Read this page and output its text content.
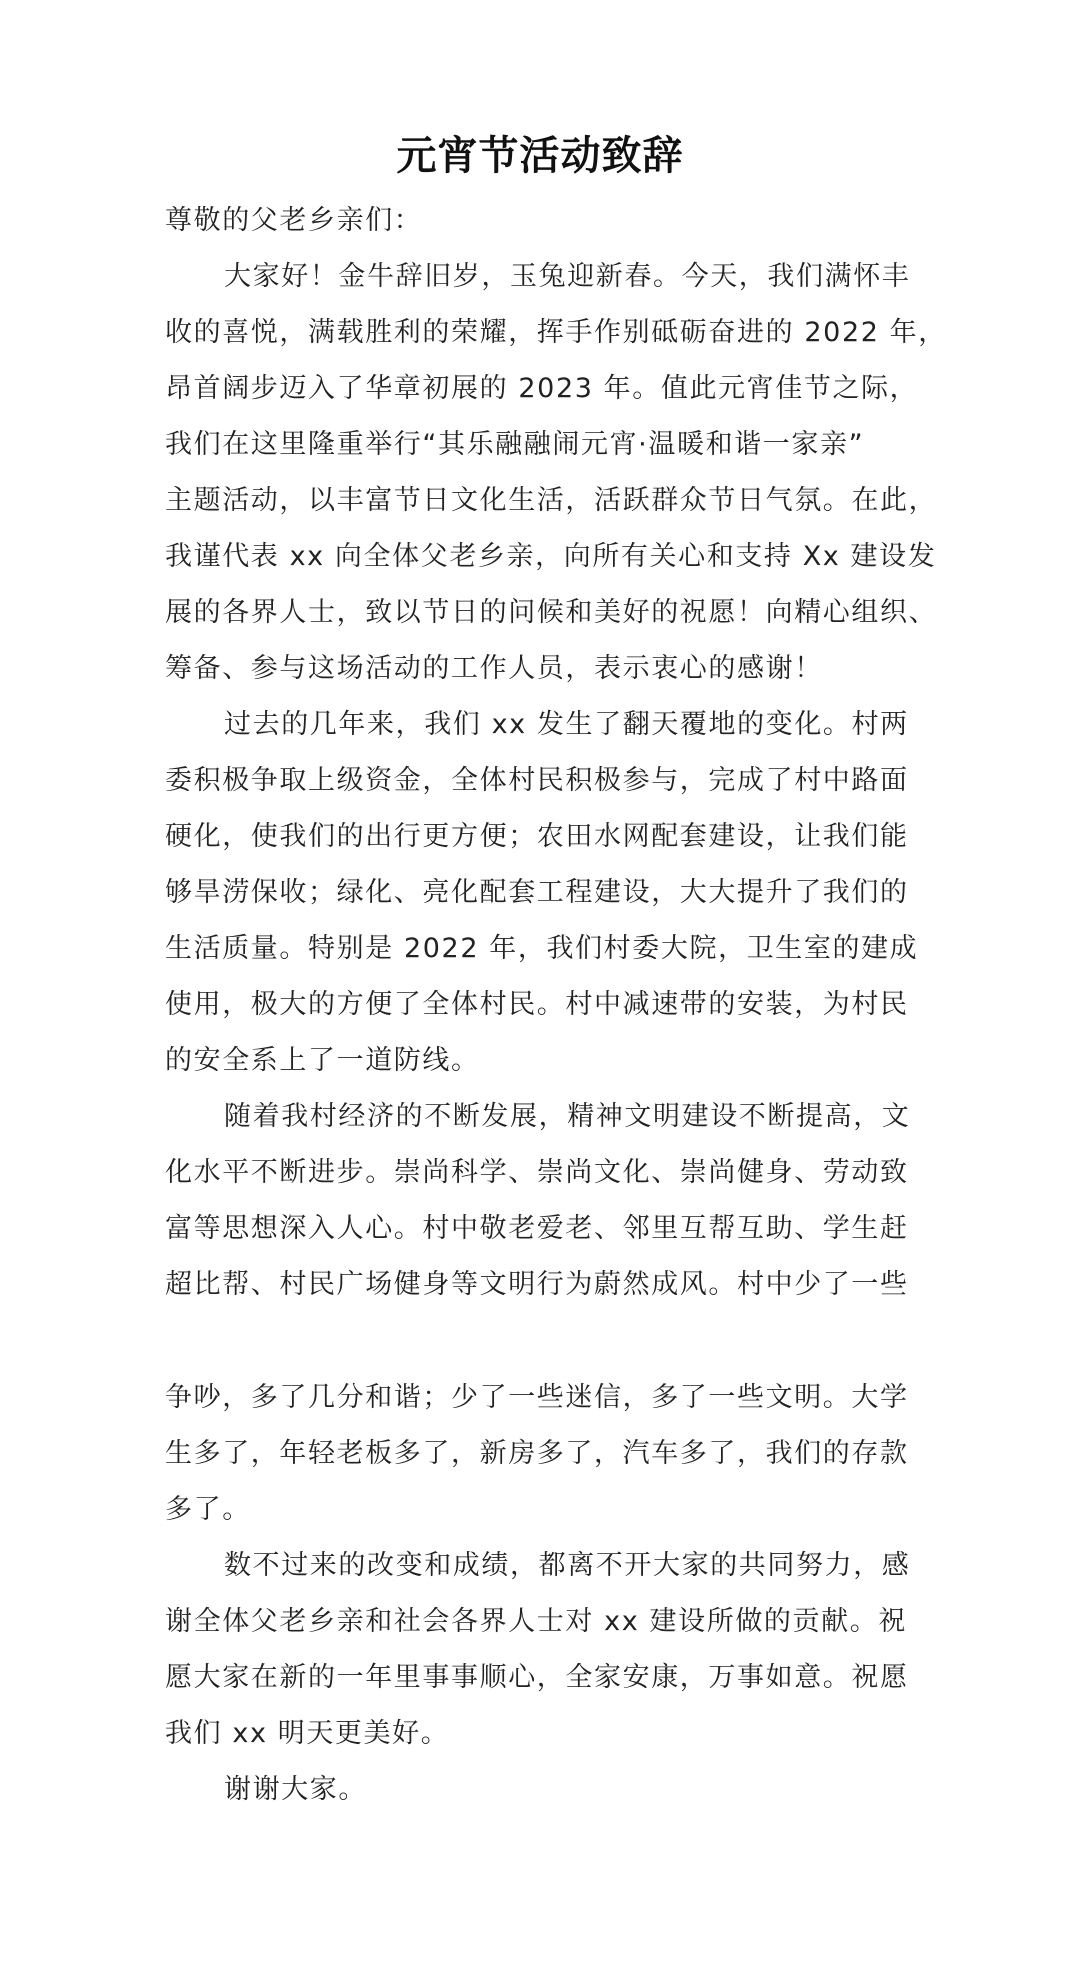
元宵节活动致辞
尊敬的父老乡亲们：
大家好！金牛辞旧岁，玉兔迎新春。今天，我们满怀丰
收的喜悦，满载胜利的荣耀，挥手作别砥砺奋进的 2022 年，
昂首阔步迈入了华章初展的 2023 年。值此元宵佳节之际，
我们在这里隆重举行“其乐融融闹元宵·温暖和谐一家亲”
主题活动，以丰富节日文化生活，活跃群众节日气氛。在此，
我谨代表 xx 向全体父老乡亲，向所有关心和支持 Xx 建设发
展的各界人士，致以节日的问候和美好的祝愿！向精心组织、
筹备、参与这场活动的工作人员，表示衷心的感谢！
过去的几年来，我们 xx 发生了翻天覆地的变化。村两
委积极争取上级资金，全体村民积极参与，完成了村中路面
硬化，使我们的出行更方便；农田水网配套建设，让我们能
够旱涝保收；绿化、亮化配套工程建设，大大提升了我们的
生活质量。特别是 2022 年，我们村委大院，卫生室的建成
使用，极大的方便了全体村民。村中减速带的安装，为村民
的安全系上了一道防线。
随着我村经济的不断发展，精神文明建设不断提高，文
化水平不断进步。崇尚科学、崇尚文化、崇尚健身、劳动致
富等思想深入人心。村中敬老爱老、邻里互帮互助、学生赶
超比帮、村民广场健身等文明行为蔚然成风。村中少了一些
争吵，多了几分和谐；少了一些迷信，多了一些文明。大学
生多了，年轻老板多了，新房多了，汽车多了，我们的存款
多了。
数不过来的改变和成绩，都离不开大家的共同努力，感
谢全体父老乡亲和社会各界人士对 xx 建设所做的贡献。祝
愿大家在新的一年里事事顺心，全家安康，万事如意。祝愿
我们 xx 明天更美好。
谢谢大家。
